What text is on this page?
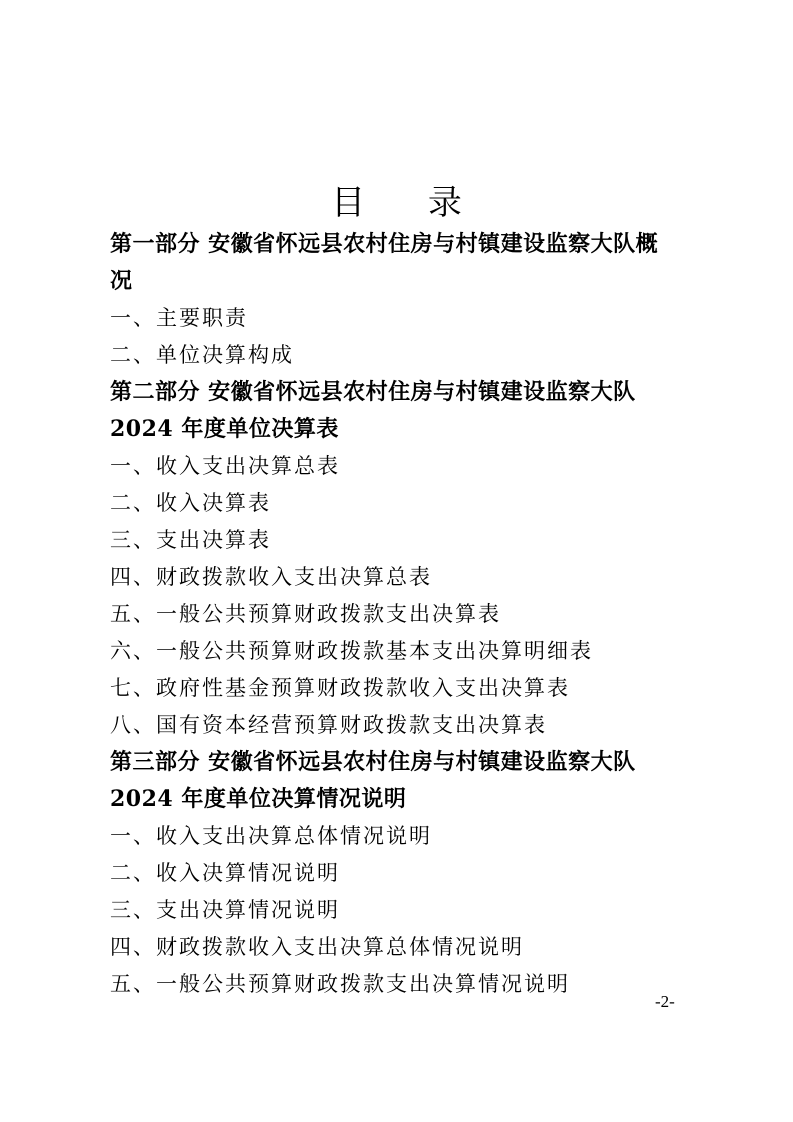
目 录

第一部分 安徽省怀远县农村住房与村镇建设监察大队概

况

一、主要职责

二、单位决算构成

第二部分 安徽省怀远县农村住房与村镇建设监察大队

2024 年度单位决算表

一、收入支出决算总表

二、收入决算表

三、支出决算表

四、财政拨款收入支出决算总表

五、一般公共预算财政拨款支出决算表

六、一般公共预算财政拨款基本支出决算明细表

七、政府性基金预算财政拨款收入支出决算表

八、国有资本经营预算财政拨款支出决算表

第三部分 安徽省怀远县农村住房与村镇建设监察大队

2024 年度单位决算情况说明

一、收入支出决算总体情况说明

二、收入决算情况说明

三、支出决算情况说明

四、财政拨款收入支出决算总体情况说明

五、一般公共预算财政拨款支出决算情况说明

-2-
